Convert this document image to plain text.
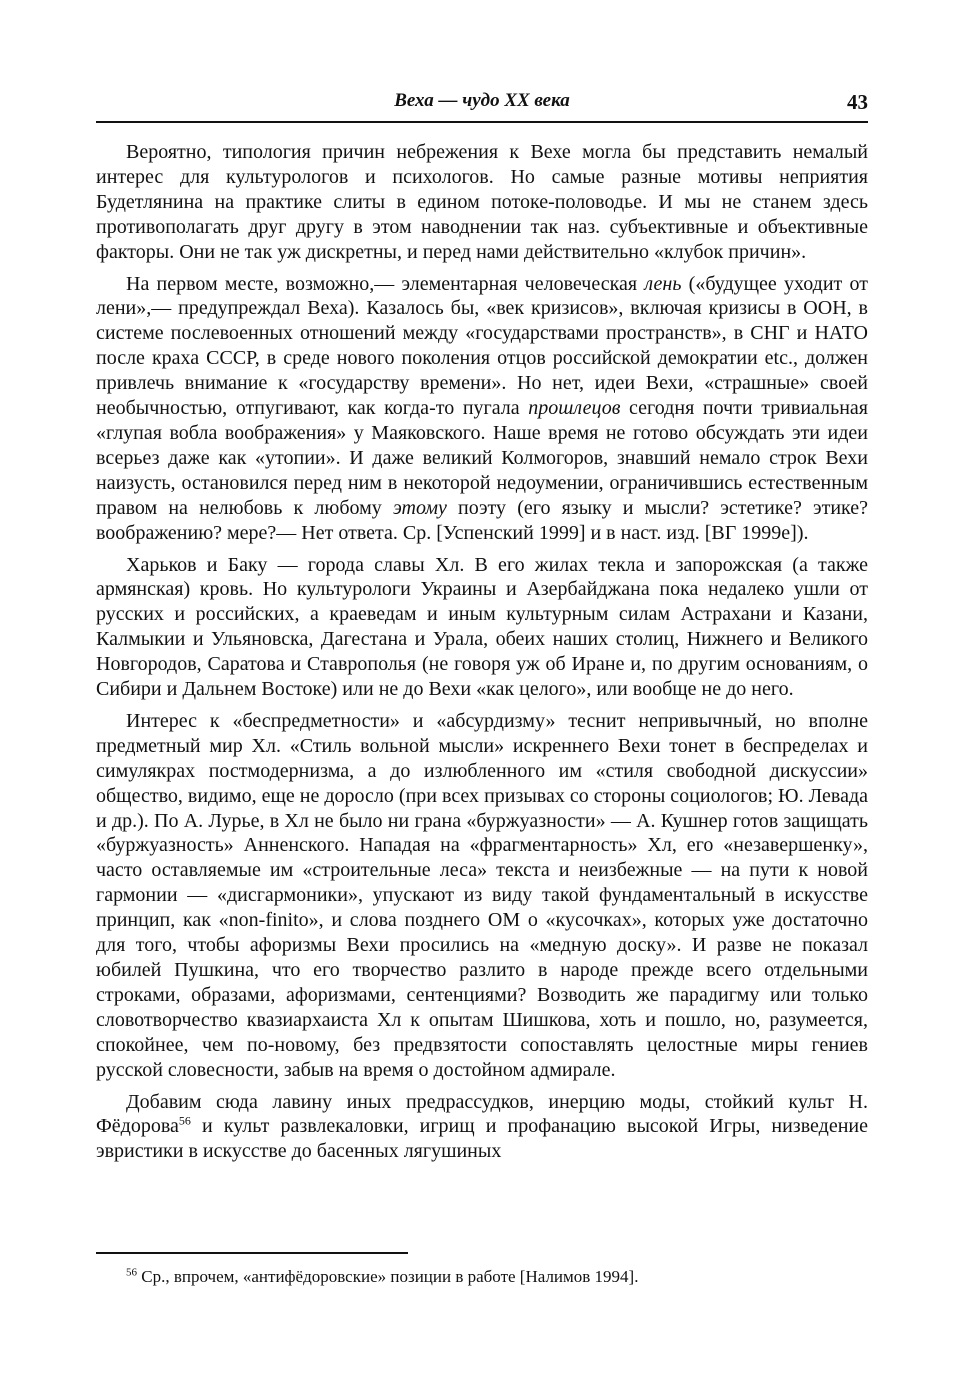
Веха — чудо XX века	43

Вероятно, типология причин небрежения к Вехе могла бы представить немалый интерес для культурологов и психологов. Но самые разные мотивы неприятия Будетлянина на практике слиты в едином потоке-половодье. И мы не станем здесь противополагать друг другу в этом наводнении так наз. субъективные и объективные факторы. Они не так уж дискретны, и перед нами действительно «клубок причин».

На первом месте, возможно,— элементарная человеческая лень («будущее уходит от лени»,— предупреждал Веха). Казалось бы, «век кризисов», включая кризисы в ООН, в системе послевоенных отношений между «государствами пространств», в СНГ и НАТО после краха СССР, в среде нового поколения отцов российской демократии etc., должен привлечь внимание к «государству времени». Но нет, идеи Вехи, «страшные» своей необычностью, отпугивают, как когда-то пугала прошлецов сегодня почти тривиальная «глупая вобла воображения» у Маяковского. Наше время не готово обсуждать эти идеи всерьез даже как «утопии». И даже великий Колмогоров, знавший немало строк Вехи наизусть, остановился перед ним в некоторой недоумении, ограничившись естественным правом на нелюбовь к любому этому поэту (его языку и мысли? эстетике? этике? воображению? мере?— Нет ответа. Ср. [Успенский 1999] и в наст. изд. [ВГ 1999е]).

Харьков и Баку — города славы Хл. В его жилах текла и запорожская (а также армянская) кровь. Но культурологи Украины и Азербайджана пока недалеко ушли от русских и российских, а краеведам и иным культурным силам Астрахани и Казани, Калмыкии и Ульяновска, Дагестана и Урала, обеих наших столиц, Нижнего и Великого Новгородов, Саратова и Ставрополья (не говоря уж об Иране и, по другим основаниям, о Сибири и Дальнем Востоке) или не до Вехи «как целого», или вообще не до него.

Интерес к «беспредметности» и «абсурдизму» теснит непривычный, но вполне предметный мир Хл. «Стиль вольной мысли» искреннего Вехи тонет в беспределах и симулякрах постмодернизма, а до излюбленного им «стиля свободной дискуссии» общество, видимо, еще не доросло (при всех призывах со стороны социологов; Ю. Левада и др.). По А. Лурье, в Хл не было ни грана «буржуазности» — А. Кушнер готов защищать «буржуазность» Анненского. Нападая на «фрагментарность» Хл, его «незавершенку», часто оставляемые им «строительные леса» текста и неизбежные — на пути к новой гармонии — «дисгармоники», упускают из виду такой фундаментальный в искусстве принцип, как «non-finito», и слова позднего ОМ о «кусочках», которых уже достаточно для того, чтобы афоризмы Вехи просились на «медную доску». И разве не показал юбилей Пушкина, что его творчество разлито в народе прежде всего отдельными строками, образами, афоризмами, сентенциями? Возводить же парадигму или только словотворчество квазиархаиста Хл к опытам Шишкова, хоть и пошло, но, разумеется, спокойнее, чем по-новому, без предвзятости сопоставлять целостные миры гениев русской словесности, забыв на время о достойном адмирале.

Добавим сюда лавину иных предрассудков, инерцию моды, стойкий культ Н. Фёдорова$^{56}$ и культ развлекаловки, игрищ и профанацию высокой Игры, низведение эвристики в искусстве до басенных лягушиных

$^{56}$ Ср., впрочем, «антифёдоровские» позиции в работе [Налимов 1994].
